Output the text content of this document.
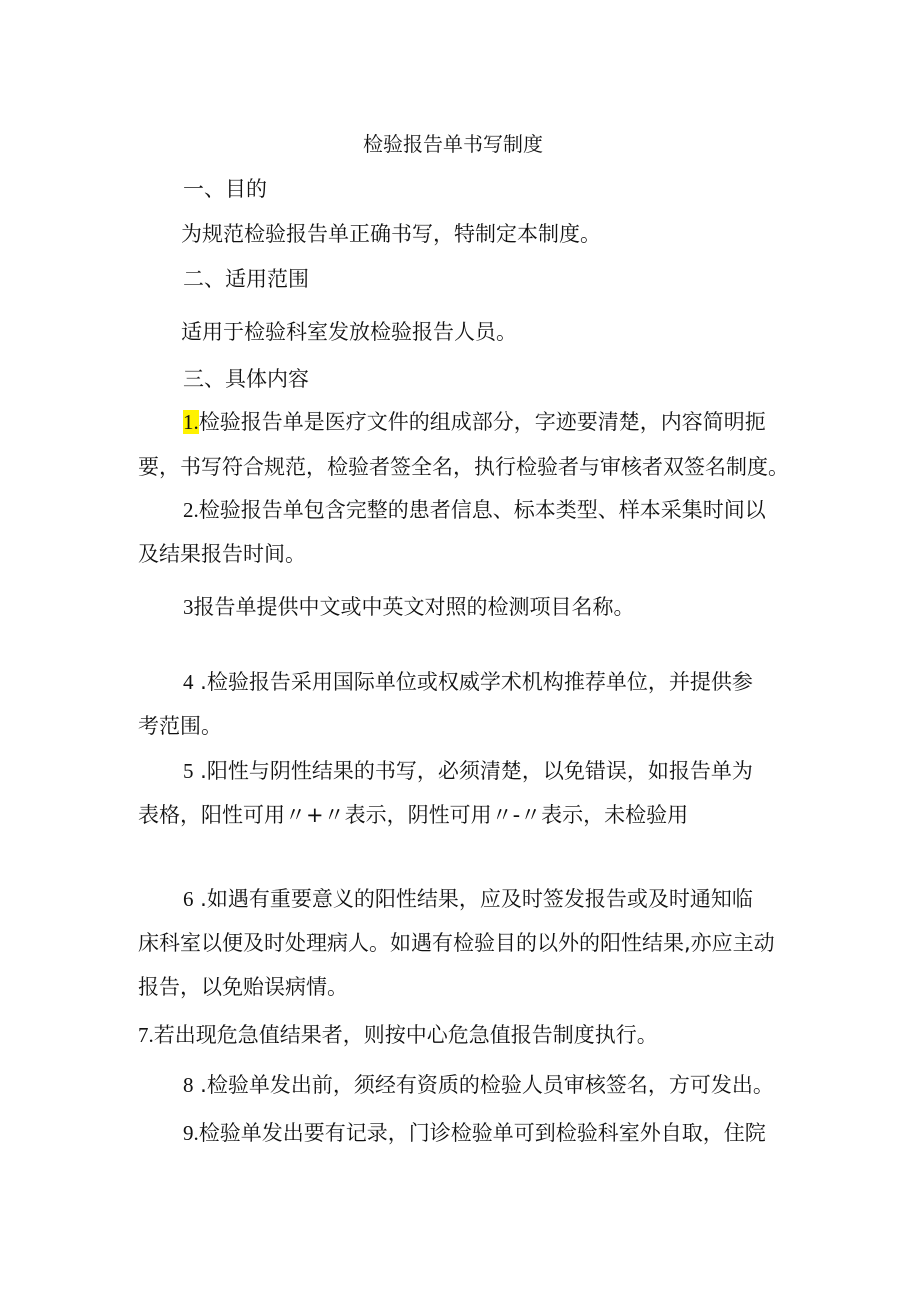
检验报告单书写制度
一、目的
为规范检验报告单正确书写，特制定本制度。
二、适用范围
适用于检验科室发放检验报告人员。
三、具体内容
1.检验报告单是医疗文件的组成部分，字迹要清楚，内容简明扼
要，书写符合规范，检验者签全名，执行检验者与审核者双签名制度。
2.检验报告单包含完整的患者信息、标本类型、样本采集时间以
及结果报告时间。
3报告单提供中文或中英文对照的检测项目名称。
4 .检验报告采用国际单位或权威学术机构推荐单位，并提供参
考范围。
5 .阳性与阴性结果的书写，必须清楚，以免错误，如报告单为
表格，阳性可用〃+〃表示，阴性可用〃-〃表示，未检验用
6 .如遇有重要意义的阳性结果，应及时签发报告或及时通知临
床科室以便及时处理病人。如遇有检验目的以外的阳性结果,亦应主动
报告，以免贻误病情。
7.若出现危急值结果者，则按中心危急值报告制度执行。
8 .检验单发出前，须经有资质的检验人员审核签名，方可发出。
9.检验单发出要有记录，门诊检验单可到检验科室外自取，住院
